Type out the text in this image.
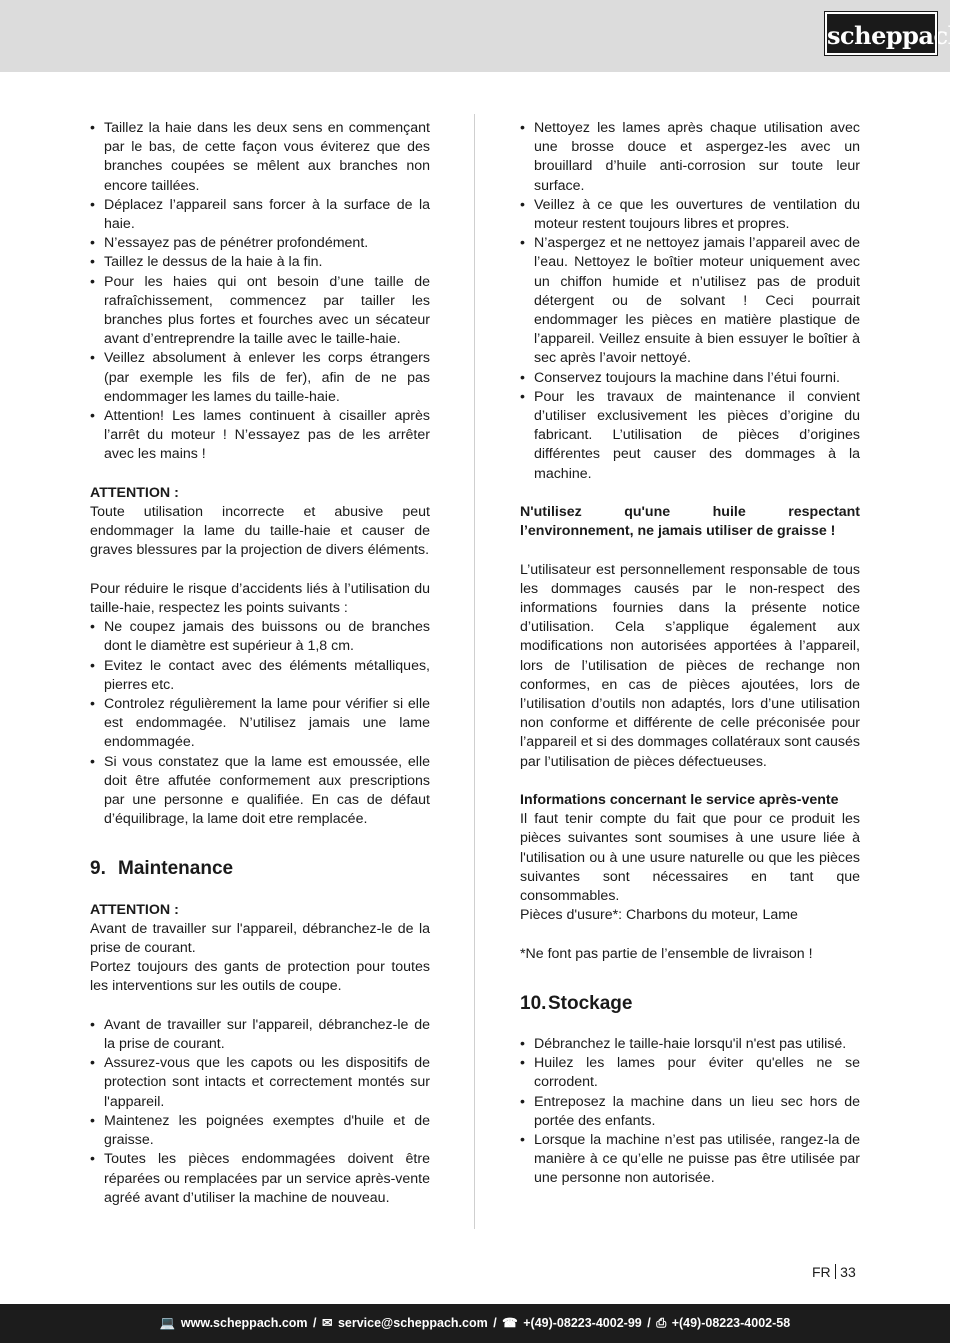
scheppach
• Taillez la haie dans les deux sens en commençant par le bas, de cette façon vous éviterez que des branches coupées se mêlent aux branches non encore taillées.
• Déplacez l’appareil sans forcer à la surface de la haie.
• N’essayez pas de pénétrer profondément.
• Taillez le dessus de la haie à la fin.
• Pour les haies qui ont besoin d’une taille de rafraîchissement, commencez par tailler les branches plus fortes et fourches avec un sécateur avant d’entreprendre la taille avec le taille-haie.
• Veillez absolument à enlever les corps étrangers (par exemple les fils de fer), afin de ne pas endommager les lames du taille-haie.
• Attention! Les lames continuent à cisailler après l’arrêt du moteur ! N’essayez pas de les arrêter avec les mains !

ATTENTION :

Toute utilisation incorrecte et abusive peut endommager la lame du taille-haie et causer de graves blessures par la projection de divers éléments.

Pour réduire le risque d’accidents liés à l’utilisation du taille-haie, respectez les points suivants :

• Ne coupez jamais des buissons ou de branches dont le diamètre est supérieur à 1,8 cm.
• Evitez le contact avec des éléments métalliques, pierres etc.
• Controlez régulièrement la lame pour vérifier si elle est endommagée. N’utilisez jamais une lame endommagée.
• Si vous constatez que la lame est emoussée, elle doit être affutée conformement aux prescriptions par une personne e qualifiée. En cas de défaut d’équilibrage, la lame doit etre remplacée.
9. Maintenance

ATTENTION :

Avant de travailler sur l'appareil, débranchez-le de la prise de courant.

Portez toujours des gants de protection pour toutes les interventions sur les outils de coupe.

• Avant de travailler sur l'appareil, débranchez-le de la prise de courant.
• Assurez-vous que les capots ou les dispositifs de protection sont intacts et correctement montés sur l'appareil.
• Maintenez les poignées exemptes d'huile et de graisse.
• Toutes les pièces endommagées doivent être réparées ou remplacées par un service après-vente agréé avant d’utiliser la machine de nouveau.
• Nettoyez les lames après chaque utilisation avec une brosse douce et aspergez-les avec un brouillard d’huile anti-corrosion sur toute leur surface.
• Veillez à ce que les ouvertures de ventilation du moteur restent toujours libres et propres.
• N’aspergez et ne nettoyez jamais l’appareil avec de l’eau. Nettoyez le boîtier moteur uniquement avec un chiffon humide et n’utilisez pas de produit détergent ou de solvant ! Ceci pourrait endommager les pièces en matière plastique de l’appareil. Veillez ensuite à bien essuyer le boîtier à sec après l’avoir nettoyé.
• Conservez toujours la machine dans l’étui fourni.
• Pour les travaux de maintenance il convient d’utiliser exclusivement les pièces d’origine du fabricant. L’utilisation de pièces d’origines différentes peut causer des dommages à la machine.

N'utilisez qu'une huile respectant l’environnement, ne jamais utiliser de graisse !

L’utilisateur est personnellement responsable de tous les dommages causés par le non-respect des informations fournies dans la présente notice d’utilisation. Cela s’applique également aux modifications non autorisées apportées à l’appareil, lors de l’utilisation de pièces de rechange non conformes, en cas de pièces ajoutées, lors de l’utilisation d’outils non adaptés, lors d’une utilisation non conforme et différente de celle préconisée pour l’appareil et si des dommages collatéraux sont causés par l’utilisation de pièces défectueuses.

Informations concernant le service après-vente

Il faut tenir compte du fait que pour ce produit les pièces suivantes sont soumises à une usure liée à l'utilisation ou à une usure naturelle ou que les pièces suivantes sont nécessaires en tant que consommables.

Pièces d'usure*: Charbons du moteur, Lame

*Ne font pas partie de l’ensemble de livraison !

10.Stockage
• Débranchez le taille-haie lorsqu'il n'est pas utilisé.
• Huilez les lames pour éviter qu'elles ne se corrodent.
• Entreposez la machine dans un lieu sec hors de portée des enfants.
• Lorsque la machine n’est pas utilisée, rangez-la de manière à ce qu’elle ne puisse pas être utilisée par une personne non autorisée.
FR 33
💻 www.scheppach.com / ✉ service@scheppach.com / ☎ +(49)-08223-4002-99 / ⎙ +(49)-08223-4002-58
